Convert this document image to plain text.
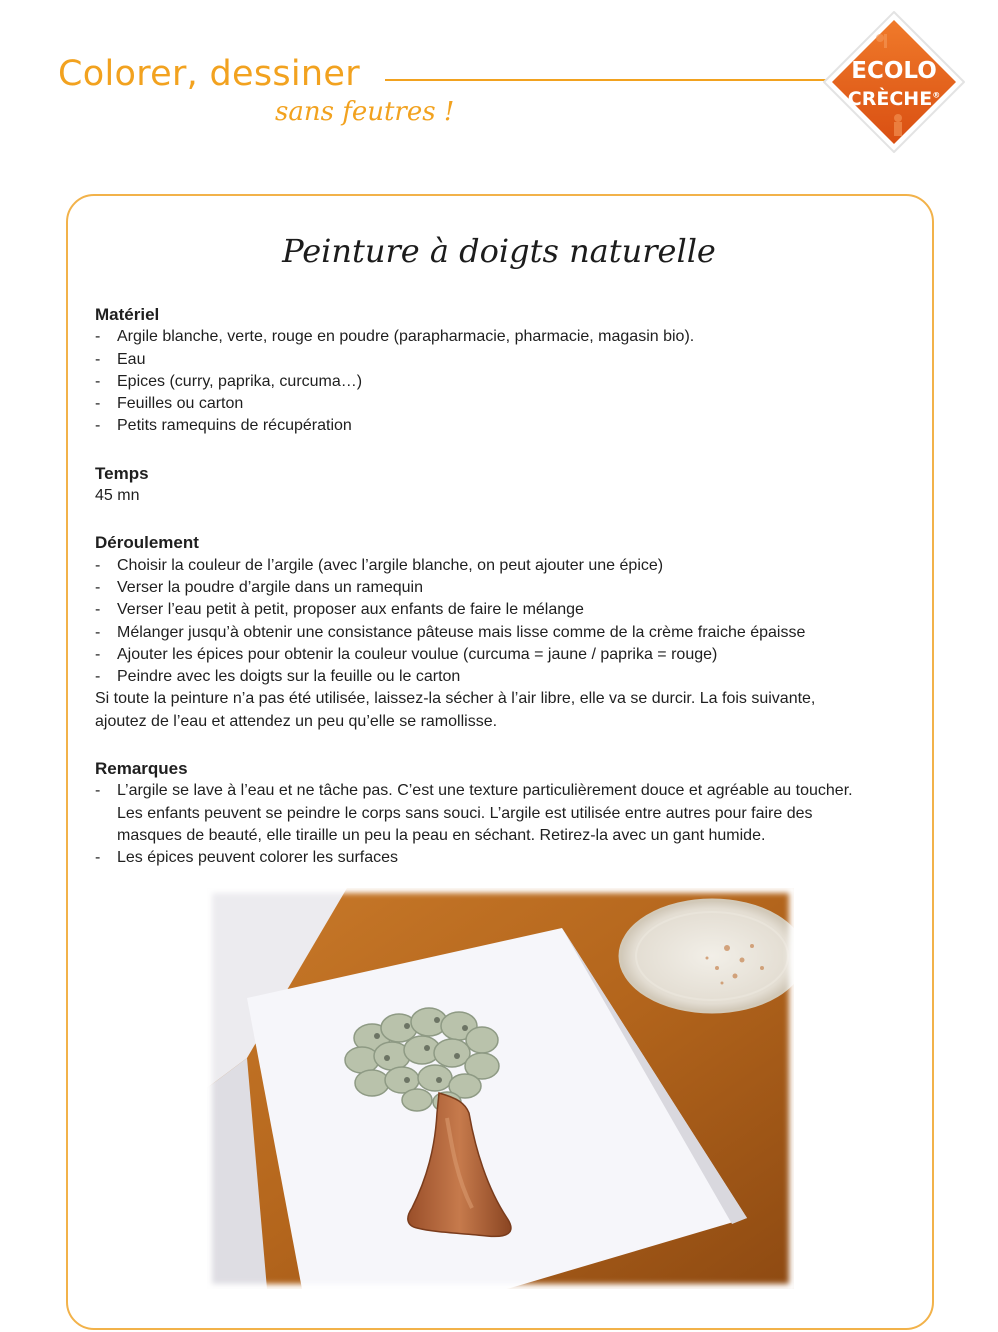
Colorer, dessiner
sans feutres !
ECOLO
CRÈCHE®
Peinture à doigts naturelle

Matériel

- Argile blanche, verte, rouge en poudre (parapharmacie, pharmacie, magasin bio).
- Eau
- Epices (curry, paprika, curcuma…)
- Feuilles ou carton
- Petits ramequins de récupération

Temps

45 mn

Déroulement

- Choisir la couleur de l’argile (avec l’argile blanche, on peut ajouter une épice)
- Verser la poudre d’argile dans un ramequin
- Verser l’eau petit à petit, proposer aux enfants de faire le mélange
- Mélanger jusqu’à obtenir une consistance pâteuse mais lisse comme de la crème fraiche épaisse
- Ajouter les épices pour obtenir la couleur voulue (curcuma = jaune / paprika = rouge)
- Peindre avec les doigts sur la feuille ou le carton

Si toute la peinture n’a pas été utilisée, laissez-la sécher à l’air libre, elle va se durcir. La fois suivante,

ajoutez de l’eau et attendez un peu qu’elle se ramollisse.

Remarques

- L’argile se lave à l’eau et ne tâche pas. C’est une texture particulièrement douce et agréable au toucher.
Les enfants peuvent se peindre le corps sans souci. L’argile est utilisée entre autres pour faire des
masques de beauté, elle tiraille un peu la peau en séchant. Retirez-la avec un gant humide.
- Les épices peuvent colorer les surfaces
